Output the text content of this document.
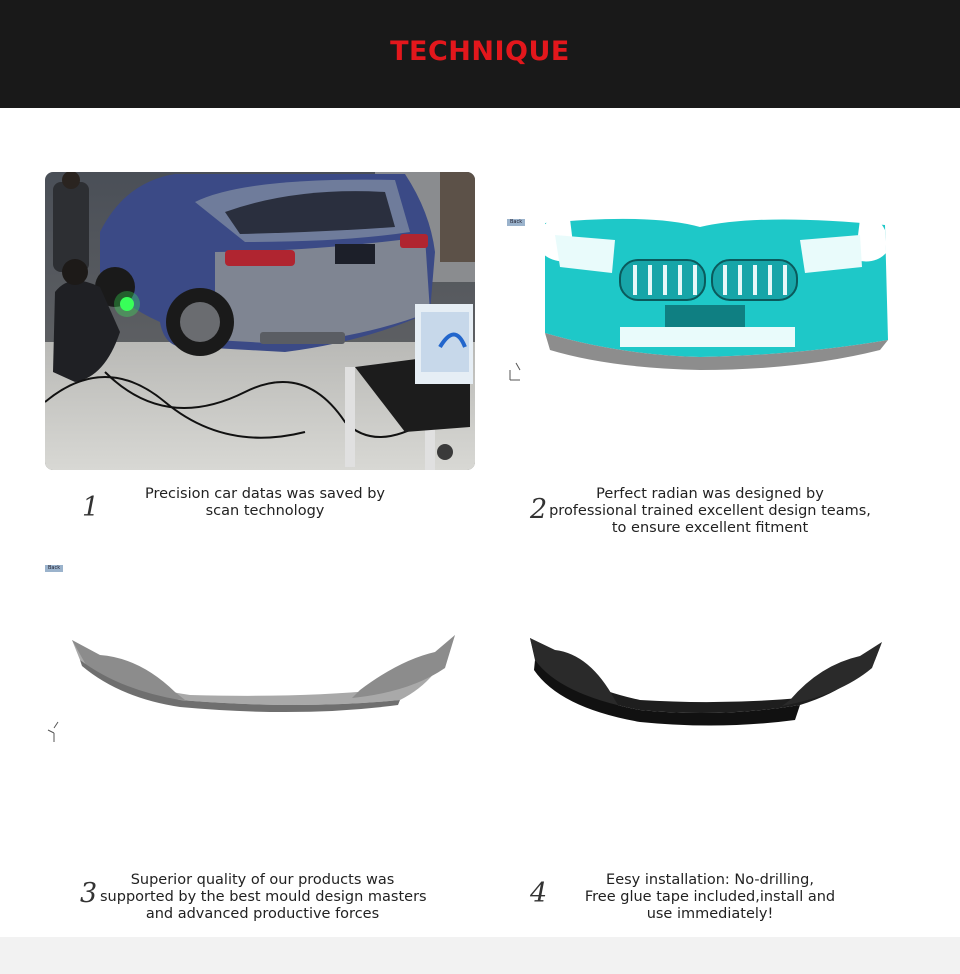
TECHNIQUE
Back
Back
1	Precision car datas was saved by
scan technology	2	Perfect radian was designed by
professional trained excellent design teams,
to ensure excellent fitment
3	Superior quality of our products was
supported by the best mould design masters
and advanced productive forces
4	Eesy installation: No-drilling,
Free glue tape included,install and
use immediately!
